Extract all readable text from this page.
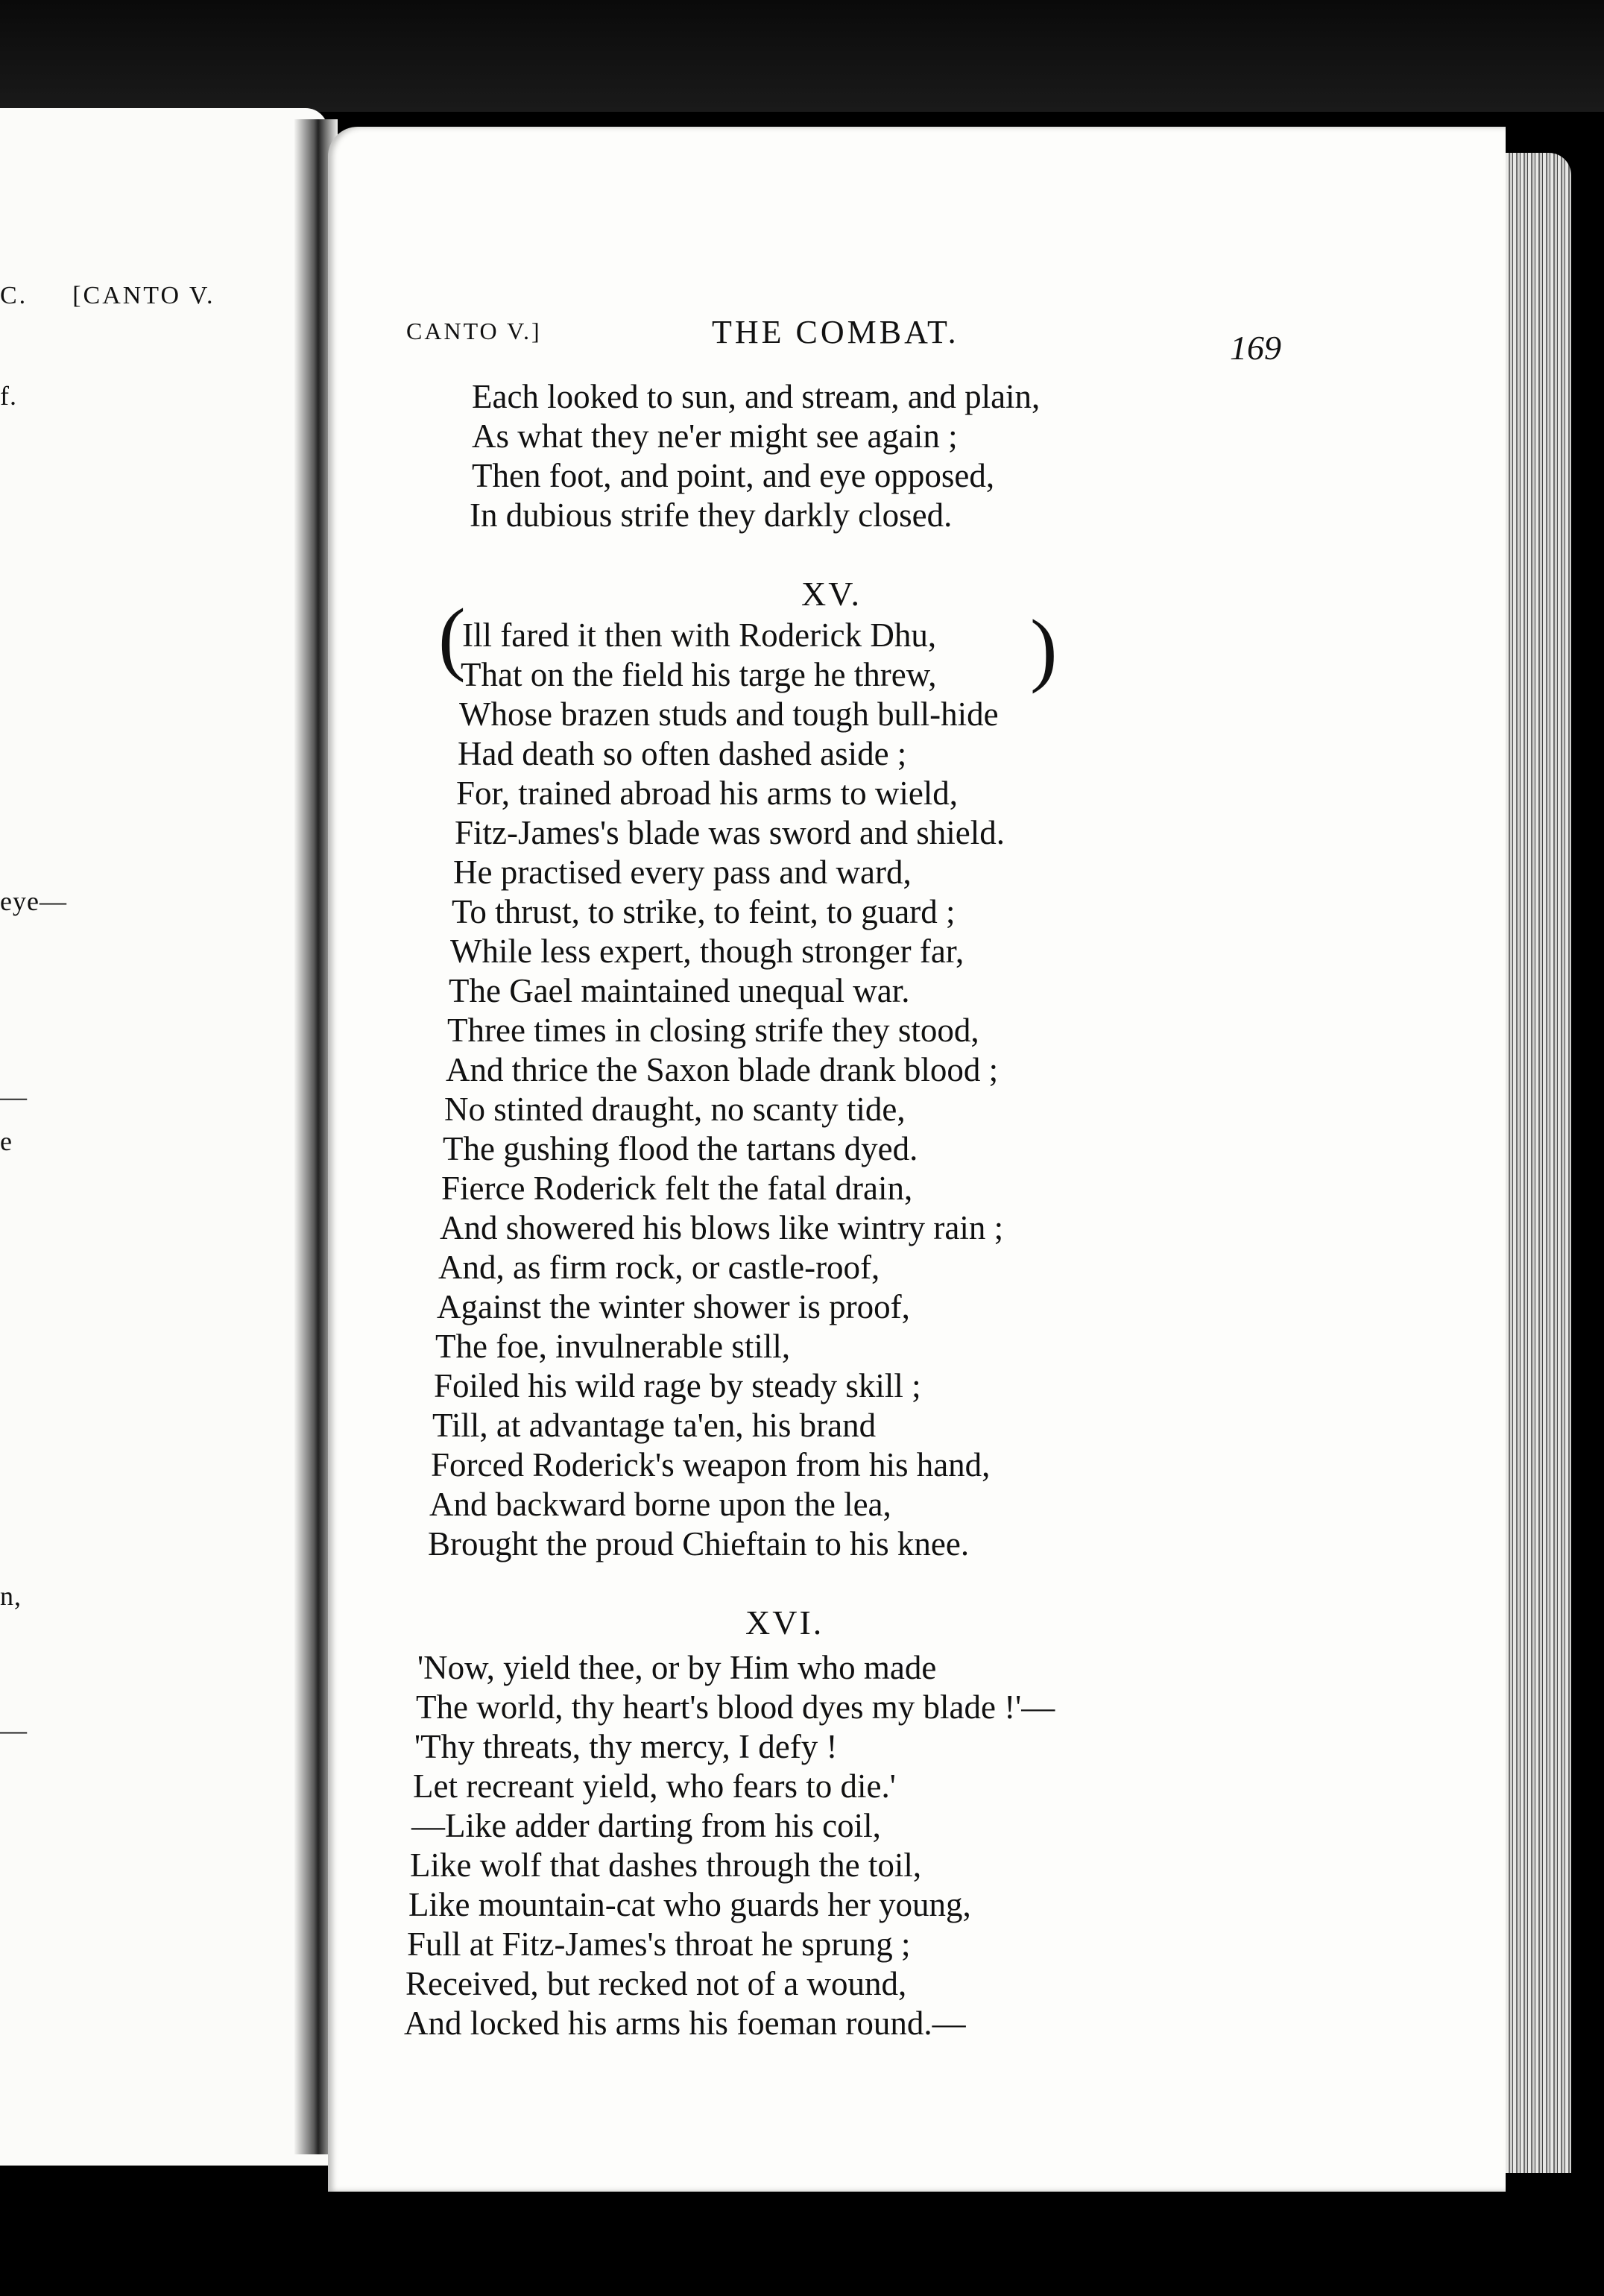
C. [CANTO V.
f.
eye—
—
e
n,
—
CANTO V.]	THE COMBAT.	169
Each looked to sun, and stream, and plain,
As what they ne'er might see again ;
Then foot, and point, and eye opposed,
In dubious strife they darkly closed.
XV.
(	)
Ill fared it then with Roderick Dhu,
That on the field his targe he threw,
Whose brazen studs and tough bull-hide
Had death so often dashed aside ;
For, trained abroad his arms to wield,
Fitz-James's blade was sword and shield.
He practised every pass and ward,
To thrust, to strike, to feint, to guard ;
While less expert, though stronger far,
The Gael maintained unequal war.
Three times in closing strife they stood,
And thrice the Saxon blade drank blood ;
No stinted draught, no scanty tide,
The gushing flood the tartans dyed.
Fierce Roderick felt the fatal drain,
And showered his blows like wintry rain ;
And, as firm rock, or castle-roof,
Against the winter shower is proof,
The foe, invulnerable still,
Foiled his wild rage by steady skill ;
Till, at advantage ta'en, his brand
Forced Roderick's weapon from his hand,
And backward borne upon the lea,
Brought the proud Chieftain to his knee.
XVI.
'Now, yield thee, or by Him who made
The world, thy heart's blood dyes my blade !'—
'Thy threats, thy mercy, I defy !
Let recreant yield, who fears to die.'
—Like adder darting from his coil,
Like wolf that dashes through the toil,
Like mountain-cat who guards her young,
Full at Fitz-James's throat he sprung ;
Received, but recked not of a wound,
And locked his arms his foeman round.—
